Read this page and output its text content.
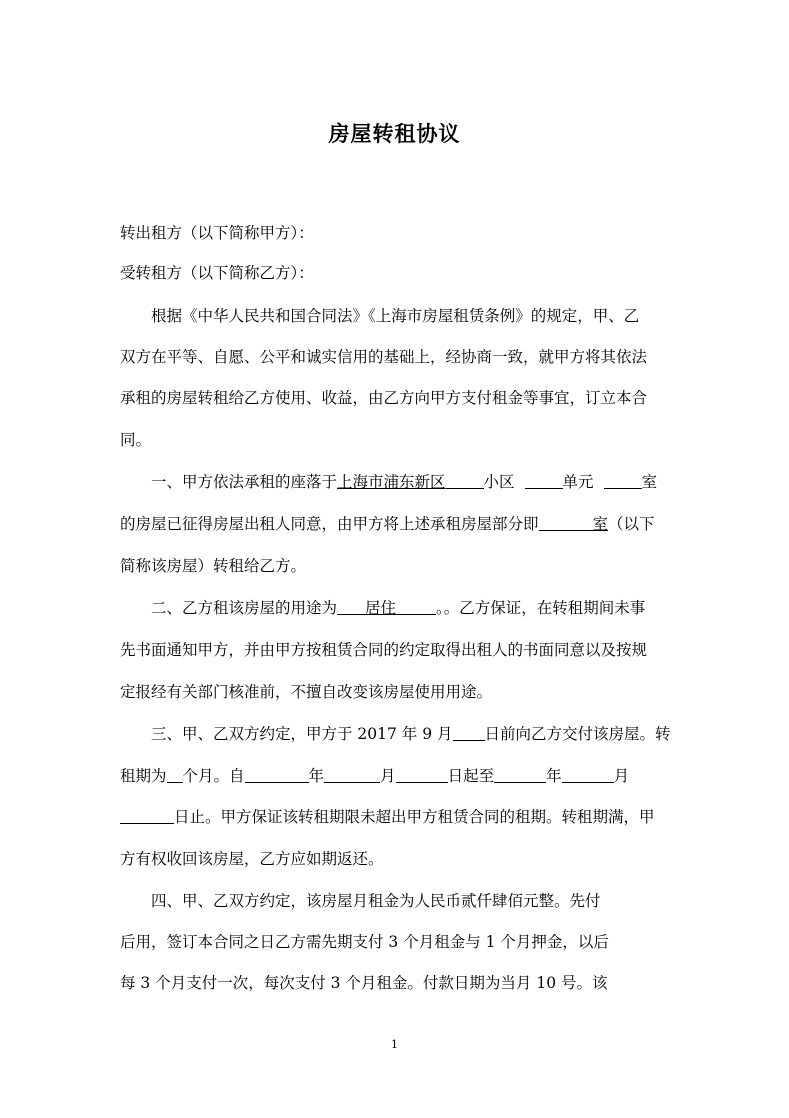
房屋转租协议
转出租方（以下简称甲方）：
受转租方（以下简称乙方）：
根据《中华人民共和国合同法》《上海市房屋租赁条例》的规定，甲、乙
双方在平等、自愿、公平和诚实信用的基础上，经协商一致，就甲方将其依法
承租的房屋转租给乙方使用、收益，由乙方向甲方支付租金等事宜，订立本合
同。
一、甲方依法承租的座落于上海市浦东新区 小区	单元	室
的房屋已征得房屋出租人同意，由甲方将上述承租房屋部分即	室（以下
简称该房屋）转租给乙方。
二、乙方租该房屋的用途为 居住	。。乙方保证，在转租期间未事
先书面通知甲方，并由甲方按租赁合同的约定取得出租人的书面同意以及按规
定报经有关部门核准前，不擅自改变该房屋使用用途。
三、甲、乙双方约定，甲方于 2017 年 9 月 日前向乙方交付该房屋。转
租期为 个月。自	年	月	日起至	年	月
日止。甲方保证该转租期限未超出甲方租赁合同的租期。转租期满，甲
方有权收回该房屋，乙方应如期返还。
四、甲、乙双方约定，该房屋月租金为人民币贰仟肆佰元整。先付
后用，签订本合同之日乙方需先期支付 3 个月租金与 1 个月押金，以后
每 3 个月支付一次，每次支付 3 个月租金。付款日期为当月 10 号。该
1
